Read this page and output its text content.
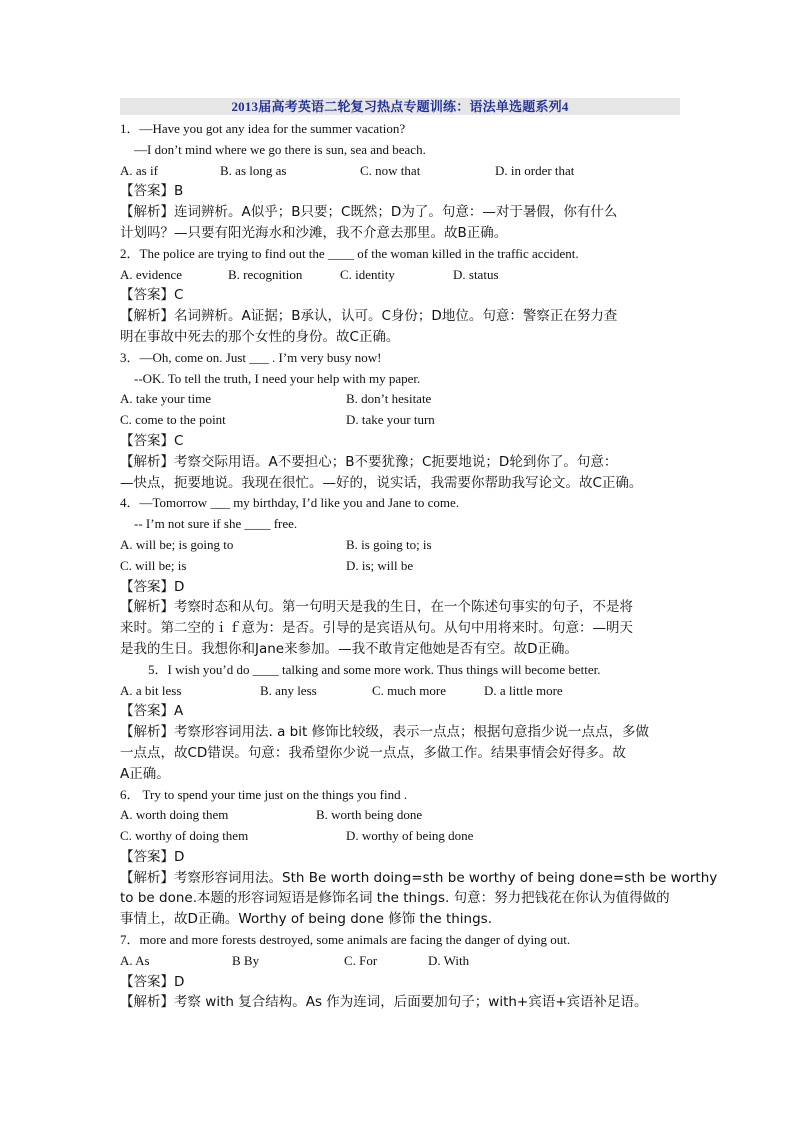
2013届高考英语二轮复习热点专题训练：语法单选题系列4
1．—Have you got any idea for the summer vacation?
—I don’t mind where we go there is sun, sea and beach.
A. as if	B. as long as	C. now that	D. in order that
【答案】B
【解析】连词辨析。A似乎；B只要；C既然；D为了。句意：—对于暑假，你有什么
计划吗？—只要有阳光海水和沙滩，我不介意去那里。故B正确。
2．The police are trying to find out the ____ of the woman killed in the traffic accident.
A. evidence	B. recognition	C. identity	D. status
【答案】C
【解析】名词辨析。A证据；B承认，认可。C身份；D地位。句意：警察正在努力查
明在事故中死去的那个女性的身份。故C正确。
3．—Oh, come on. Just ___ . I’m very busy now!
--OK. To tell the truth, I need your help with my paper.
A. take your time	B. don’t hesitate
C. come to the point	D. take your turn
【答案】C
【解析】考察交际用语。A不要担心；B不要犹豫；C扼要地说；D轮到你了。句意：
—快点，扼要地说。我现在很忙。—好的，说实话，我需要你帮助我写论文。故C正确。
4．—Tomorrow ___ my birthday, I’d like you and Jane to come.
-- I’m not sure if she ____ free.
A. will be; is going to	B. is going to; is
C. will be; is	D. is; will be
【答案】D
【解析】考察时态和从句。第一句明天是我的生日，在一个陈述句事实的句子，不是将
来时。第二空的ｉｆ意为：是否。引导的是宾语从句。从句中用将来时。句意：—明天
是我的生日。我想你和Jane来参加。—我不敢肯定他她是否有空。故D正确。
5．I wish you’d do ____ talking and some more work. Thus things will become better.
A. a bit less	B. any less	C. much more	D. a little more
【答案】A
【解析】考察形容词用法. a bit 修饰比较级，表示一点点；根据句意指少说一点点，多做
一点点，故CD错误。句意：我希望你少说一点点，多做工作。结果事情会好得多。故
A正确。
6． Try to spend your time just on the things you find .
A. worth doing them	B. worth being done
C. worthy of doing them	D. worthy of being done
【答案】D
【解析】考察形容词用法。Sth Be worth doing=sth be worthy of being done=sth be worthy
to be done.本题的形容词短语是修饰名词 the things. 句意：努力把钱花在你认为值得做的
事情上，故D正确。Worthy of being done 修饰 the things.
7．more and more forests destroyed, some animals are facing the danger of dying out.
A. As	B By	C. For	D. With
【答案】D
【解析】考察 with 复合结构。As 作为连词，后面要加句子；with+宾语+宾语补足语。
